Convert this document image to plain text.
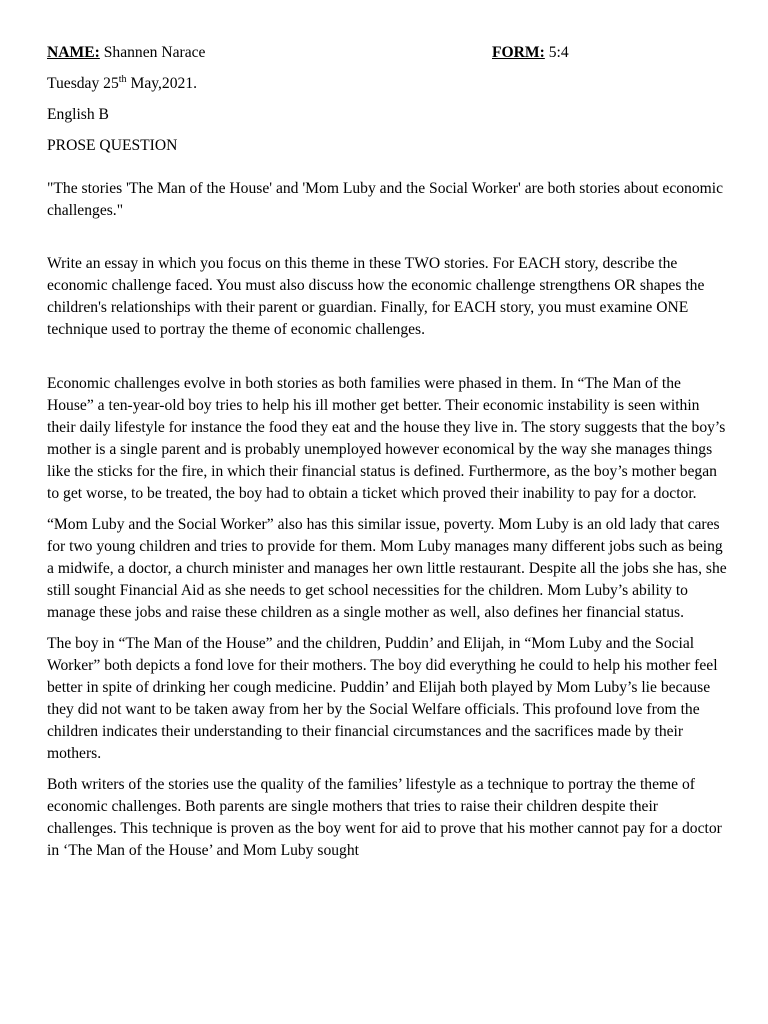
NAME: Shannen Narace	FORM: 5:4
Tuesday 25th May,2021.
English B
PROSE QUESTION

"The stories 'The Man of the House' and 'Mom Luby and the Social Worker' are both stories about economic challenges."

Write an essay in which you focus on this theme in these TWO stories. For EACH story, describe the economic challenge faced. You must also discuss how the economic challenge strengthens OR shapes the children's relationships with their parent or guardian. Finally, for EACH story, you must examine ONE technique used to portray the theme of economic challenges.

Economic challenges evolve in both stories as both families were phased in them. In “The Man of the House” a ten-year-old boy tries to help his ill mother get better. Their economic instability is seen within their daily lifestyle for instance the food they eat and the house they live in. The story suggests that the boy’s mother is a single parent and is probably unemployed however economical by the way she manages things like the sticks for the fire, in which their financial status is defined. Furthermore, as the boy’s mother began to get worse, to be treated, the boy had to obtain a ticket which proved their inability to pay for a doctor.

“Mom Luby and the Social Worker” also has this similar issue, poverty. Mom Luby is an old lady that cares for two young children and tries to provide for them. Mom Luby manages many different jobs such as being a midwife, a doctor, a church minister and manages her own little restaurant. Despite all the jobs she has, she still sought Financial Aid as she needs to get school necessities for the children. Mom Luby’s ability to manage these jobs and raise these children as a single mother as well, also defines her financial status.

The boy in “The Man of the House” and the children, Puddin’ and Elijah, in “Mom Luby and the Social Worker” both depicts a fond love for their mothers. The boy did everything he could to help his mother feel better in spite of drinking her cough medicine. Puddin’ and Elijah both played by Mom Luby’s lie because they did not want to be taken away from her by the Social Welfare officials. This profound love from the children indicates their understanding to their financial circumstances and the sacrifices made by their mothers.

Both writers of the stories use the quality of the families’ lifestyle as a technique to portray the theme of economic challenges. Both parents are single mothers that tries to raise their children despite their challenges. This technique is proven as the boy went for aid to prove that his mother cannot pay for a doctor in ‘The Man of the House’ and Mom Luby sought
